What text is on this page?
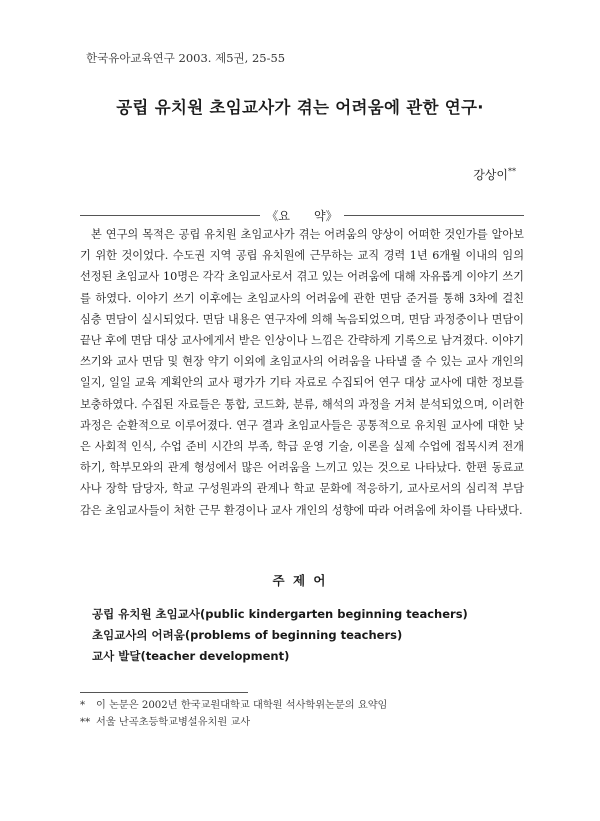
한국유아교육연구 2003. 제5권, 25-55
공립 유치원 초임교사가 겪는 어려움에 관한 연구·
강상이**
《요　　약》
본 연구의 목적은 공립 유치원 초임교사가 겪는 어려움의 양상이 어떠한 것인가를 알아보기 위한 것이었다. 수도권 지역 공립 유치원에 근무하는 교직 경력 1년 6개월 이내의 임의 선정된 초임교사 10명은 각각 초임교사로서 겪고 있는 어려움에 대해 자유롭게 이야기 쓰기를 하였다. 이야기 쓰기 이후에는 초임교사의 어려움에 관한 면담 준거를 통해 3차에 걸친 심층 면담이 실시되었다. 면담 내용은 연구자에 의해 녹음되었으며, 면담 과정중이나 면담이 끝난 후에 면담 대상 교사에게서 받은 인상이나 느낌은 간략하게 기록으로 남겨졌다. 이야기 쓰기와 교사 면담 및 현장 약기 이외에 초임교사의 어려움을 나타낼 줄 수 있는 교사 개인의 일지, 일일 교육 계획안의 교사 평가가 기타 자료로 수집되어 연구 대상 교사에 대한 정보를 보충하였다. 수집된 자료들은 통합, 코드화, 분류, 해석의 과정을 거쳐 분석되었으며, 이러한 과정은 순환적으로 이루어졌다. 연구 결과 초임교사들은 공통적으로 유치원 교사에 대한 낮은 사회적 인식, 수업 준비 시간의 부족, 학급 운영 기술, 이론을 실제 수업에 접목시켜 전개하기, 학부모와의 관계 형성에서 많은 어려움을 느끼고 있는 것으로 나타났다. 한편 동료교사나 장학 담당자, 학교 구성원과의 관계나 학교 문화에 적응하기, 교사로서의 심리적 부담감은 초임교사들이 처한 근무 환경이나 교사 개인의 성향에 따라 어려움에 차이를 나타냈다.
주 제 어
공립 유치원 초임교사(public kindergarten beginning teachers)
초임교사의 어려움(problems of beginning teachers)
교사 발달(teacher development)
* 이 논문은 2002년 한국교원대학교 대학원 석사학위논문의 요약임
** 서울 난곡초등학교병설유치원 교사
